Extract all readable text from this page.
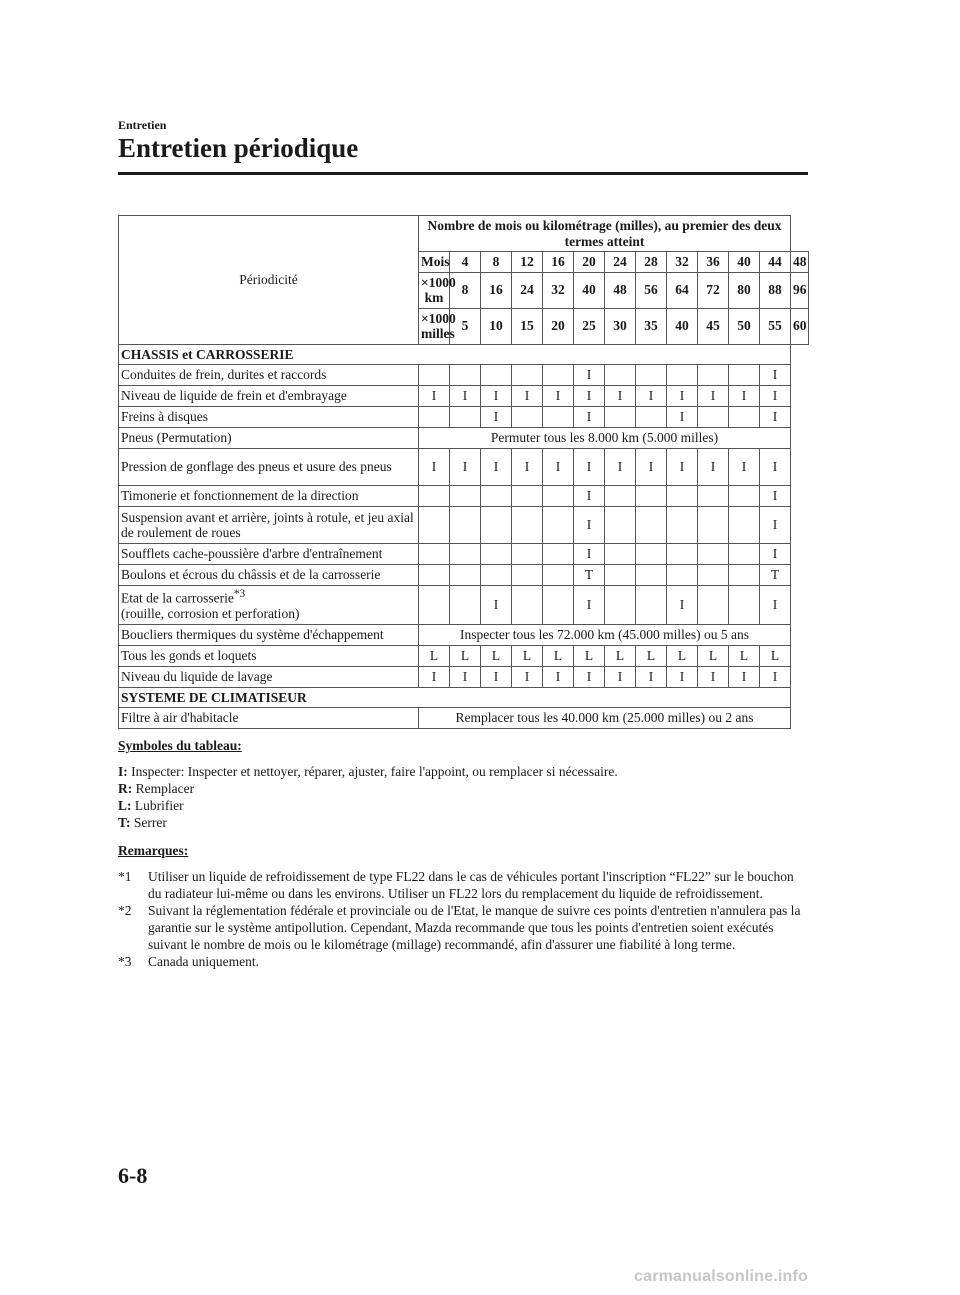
Entretien
Entretien périodique
Périodicité													
	Nombre de mois ou kilométrage (milles), au premier des deux termes atteint												
	Mois	4	8	12	16	20	24	28	32	36	40	44	48
	×1000 km	8	16	24	32	40	48	56	64	72	80	88	96
	×1000 milles	5	10	15	20	25	30	35	40	45	50	55	60
CHASSIS et CARROSSERIE													
Conduites de frein, durites et raccords						I						I	
Niveau de liquide de frein et d'embrayage	I	I	I	I	I	I	I	I	I	I	I	I	
Freins à disques			I			I			I			I	
Pneus (Permutation)	Permuter tous les 8.000 km (5.000 milles)												
Pression de gonflage des pneus et usure des pneus	I	I	I	I	I	I	I	I	I	I	I	I	
Timonerie et fonctionnement de la direction						I						I	
Suspension avant et arrière, joints à rotule, et jeu axial de roulement de roues						I						I	
Soufflets cache-poussière d'arbre d'entraînement						I						I	
Boulons et écrous du châssis et de la carrosserie						T						T	
Etat de la carrosserie$^{*3}$
(rouille, corrosion et perforation)			I			I			I			I	
Boucliers thermiques du système d'échappement	Inspecter tous les 72.000 km (45.000 milles) ou 5 ans												
Tous les gonds et loquets	L	L	L	L	L	L	L	L	L	L	L	L	
Niveau du liquide de lavage	I	I	I	I	I	I	I	I	I	I	I	I	
SYSTEME DE CLIMATISEUR													
Filtre à air d'habitacle	Remplacer tous les 40.000 km (25.000 milles) ou 2 ans												
Symboles du tableau:
I: Inspecter: Inspecter et nettoyer, réparer, ajuster, faire l'appoint, ou remplacer si nécessaire.
R: Remplacer
L: Lubrifier
T: Serrer
Remarques:
*1	Utiliser un liquide de refroidissement de type FL22 dans le cas de véhicules portant l'inscription “FL22” sur le bouchon du radiateur lui-même ou dans les environs. Utiliser un FL22 lors du remplacement du liquide de refroidissement.
*2	Suivant la réglementation fédérale et provinciale ou de l'Etat, le manque de suivre ces points d'entretien n'annulera pas la garantie sur le système antipollution. Cependant, Mazda recommande que tous les points d'entretien soient exécutés suivant le nombre de mois ou le kilométrage (millage) recommandé, afin d'assurer une fiabilité à long terme.
*3	Canada uniquement.
6-8
carmanualsonline.info
